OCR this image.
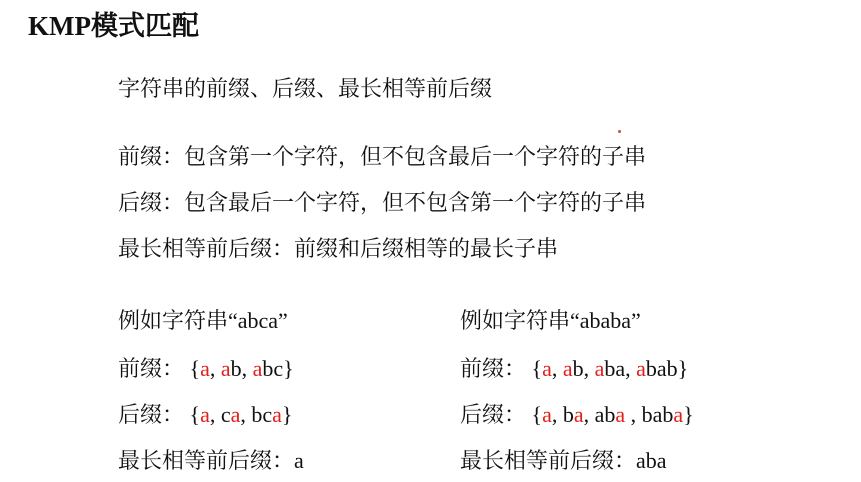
KMP模式匹配
字符串的前缀、后缀、最长相等前后缀
前缀：包含第一个字符，但不包含最后一个字符的子串
后缀：包含最后一个字符，但不包含第一个字符的子串
最长相等前后缀：前缀和后缀相等的最长子串
例如字符串“abca”
前缀： {a, ab, abc}
后缀： {a, ca, bca}
最长相等前后缀：a
例如字符串“ababa”
前缀： {a, ab, aba, abab}
后缀： {a, ba, aba , baba}
最长相等前后缀：aba
